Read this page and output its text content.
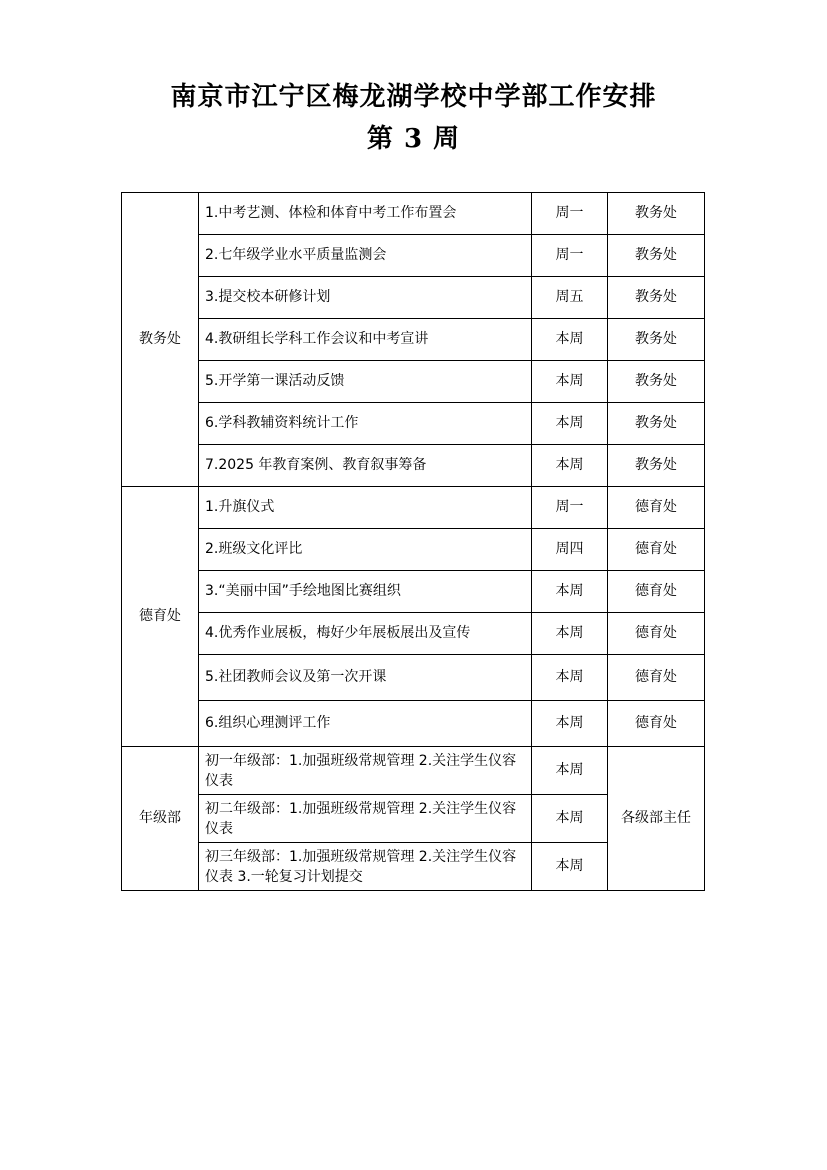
南京市江宁区梅龙湖学校中学部工作安排
第 3 周
教务处	1.中考艺测、体检和体育中考工作布置会	周一	教务处
	2.七年级学业水平质量监测会	周一	教务处
	3.提交校本研修计划	周五	教务处
	4.教研组长学科工作会议和中考宣讲	本周	教务处
	5.开学第一课活动反馈	本周	教务处
	6.学科教辅资料统计工作	本周	教务处
	7.2025 年教育案例、教育叙事筹备	本周	教务处
德育处	1.升旗仪式	周一	德育处
	2.班级文化评比	周四	德育处
	3.“美丽中国”手绘地图比赛组织	本周	德育处
	4.优秀作业展板，梅好少年展板展出及宣传	本周	德育处
	5.社团教师会议及第一次开课	本周	德育处
	6.组织心理测评工作	本周	德育处
年级部	初一年级部：1.加强班级常规管理 2.关注学生仪容仪表	本周	各级部主任
	初二年级部：1.加强班级常规管理 2.关注学生仪容仪表	本周	
	初三年级部：1.加强班级常规管理 2.关注学生仪容仪表 3.一轮复习计划提交	本周	
